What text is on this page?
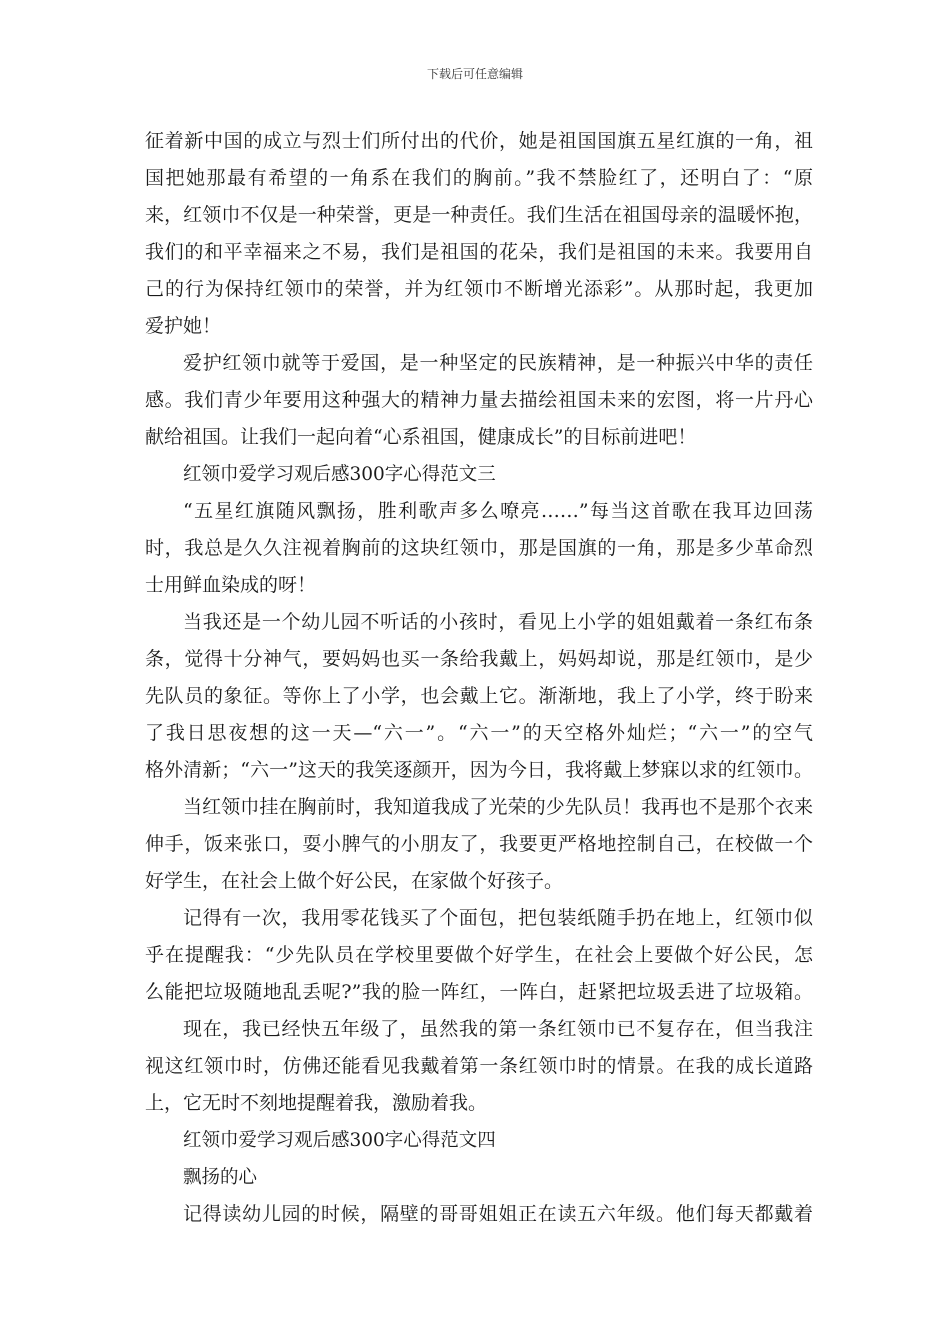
下载后可任意编辑
征着新中国的成立与烈士们所付出的代价，她是祖国国旗五星红旗的一角，祖
国把她那最有希望的一角系在我们的胸前。”我不禁脸红了，还明白了：“原
来，红领巾不仅是一种荣誉，更是一种责任。我们生活在祖国母亲的温暖怀抱，
我们的和平幸福来之不易，我们是祖国的花朵，我们是祖国的未来。我要用自
己的行为保持红领巾的荣誉，并为红领巾不断增光添彩”。从那时起，我更加
爱护她！
爱护红领巾就等于爱国，是一种坚定的民族精神，是一种振兴中华的责任
感。我们青少年要用这种强大的精神力量去描绘祖国未来的宏图，将一片丹心
献给祖国。让我们一起向着“心系祖国，健康成长”的目标前进吧！
红领巾爱学习观后感300字心得范文三
“五星红旗随风飘扬，胜利歌声多么嘹亮……”每当这首歌在我耳边回荡
时，我总是久久注视着胸前的这块红领巾，那是国旗的一角，那是多少革命烈
士用鲜血染成的呀！
当我还是一个幼儿园不听话的小孩时，看见上小学的姐姐戴着一条红布条
条，觉得十分神气，要妈妈也买一条给我戴上，妈妈却说，那是红领巾，是少
先队员的象征。等你上了小学，也会戴上它。渐渐地，我上了小学，终于盼来
了我日思夜想的这一天—“六一”。“六一”的天空格外灿烂；“六一”的空气
格外清新；“六一”这天的我笑逐颜开，因为今日，我将戴上梦寐以求的红领巾。
当红领巾挂在胸前时，我知道我成了光荣的少先队员！我再也不是那个衣来
伸手，饭来张口，耍小脾气的小朋友了，我要更严格地控制自己，在校做一个
好学生，在社会上做个好公民，在家做个好孩子。
记得有一次，我用零花钱买了个面包，把包装纸随手扔在地上，红领巾似
乎在提醒我：“少先队员在学校里要做个好学生，在社会上要做个好公民，怎
么能把垃圾随地乱丢呢?”我的脸一阵红，一阵白，赶紧把垃圾丢进了垃圾箱。
现在，我已经快五年级了，虽然我的第一条红领巾已不复存在，但当我注
视这红领巾时，仿佛还能看见我戴着第一条红领巾时的情景。在我的成长道路
上，它无时不刻地提醒着我，激励着我。
红领巾爱学习观后感300字心得范文四
飘扬的心
记得读幼儿园的时候，隔壁的哥哥姐姐正在读五六年级。他们每天都戴着
